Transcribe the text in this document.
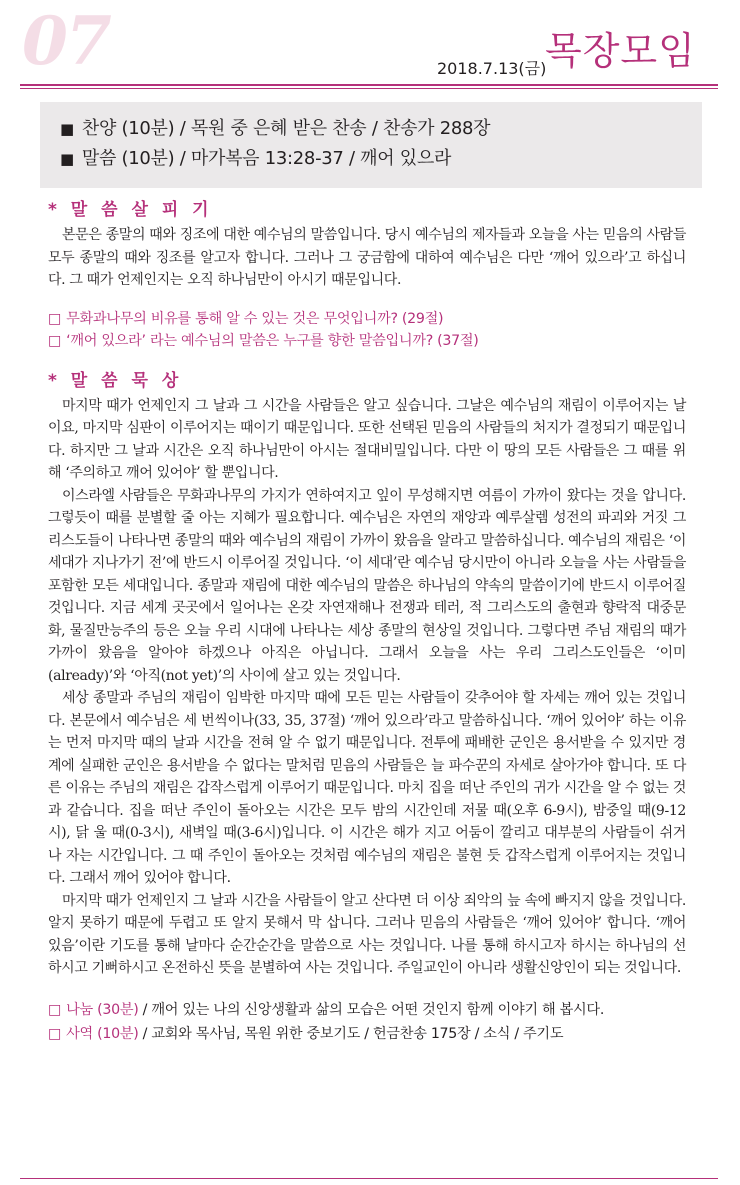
07	2018.7.13(금)
목장모임
■ 찬양 (10분) / 목원 중 은혜 받은 찬송 / 찬송가 288장
■ 말씀 (10분) / 마가복음 13:28-37 / 깨어 있으라
* 말 씀 살 피 기

본문은 종말의 때와 징조에 대한 예수님의 말씀입니다. 당시 예수님의 제자들과 오늘을 사는 믿음의 사람들 모두 종말의 때와 징조를 알고자 합니다. 그러나 그 궁금함에 대하여 예수님은 다만 ‘깨어 있으라’고 하십니다. 그 때가 언제인지는 오직 하나님만이 아시기 때문입니다.

□ 무화과나무의 비유를 통해 알 수 있는 것은 무엇입니까? (29절)
□ ‘깨어 있으라’ 라는 예수님의 말씀은 누구를 향한 말씀입니까? (37절)
* 말 씀 묵 상

마지막 때가 언제인지 그 날과 그 시간을 사람들은 알고 싶습니다. 그날은 예수님의 재림이 이루어지는 날이요, 마지막 심판이 이루어지는 때이기 때문입니다. 또한 선택된 믿음의 사람들의 처지가 결정되기 때문입니다. 하지만 그 날과 시간은 오직 하나님만이 아시는 절대비밀입니다. 다만 이 땅의 모든 사람들은 그 때를 위해 ‘주의하고 깨어 있어야’ 할 뿐입니다.

이스라엘 사람들은 무화과나무의 가지가 연하여지고 잎이 무성해지면 여름이 가까이 왔다는 것을 압니다. 그렇듯이 때를 분별할 줄 아는 지혜가 필요합니다. 예수님은 자연의 재앙과 예루살렘 성전의 파괴와 거짓 그리스도들이 나타나면 종말의 때와 예수님의 재림이 가까이 왔음을 알라고 말씀하십니다. 예수님의 재림은 ‘이 세대가 지나가기 전’에 반드시 이루어질 것입니다. ‘이 세대’란 예수님 당시만이 아니라 오늘을 사는 사람들을 포함한 모든 세대입니다. 종말과 재림에 대한 예수님의 말씀은 하나님의 약속의 말씀이기에 반드시 이루어질 것입니다. 지금 세계 곳곳에서 일어나는 온갖 자연재해나 전쟁과 테러, 적 그리스도의 출현과 향락적 대중문화, 물질만능주의 등은 오늘 우리 시대에 나타나는 세상 종말의 현상일 것입니다. 그렇다면 주님 재림의 때가 가까이 왔음을 알아야 하겠으나 아직은 아닙니다. 그래서 오늘을 사는 우리 그리스도인들은 ‘이미(already)’와 ‘아직(not yet)’의 사이에 살고 있는 것입니다.

세상 종말과 주님의 재림이 임박한 마지막 때에 모든 믿는 사람들이 갖추어야 할 자세는 깨어 있는 것입니다. 본문에서 예수님은 세 번씩이나(33, 35, 37절) ‘깨어 있으라’라고 말씀하십니다. ‘깨어 있어야’ 하는 이유는 먼저 마지막 때의 날과 시간을 전혀 알 수 없기 때문입니다. 전투에 패배한 군인은 용서받을 수 있지만 경계에 실패한 군인은 용서받을 수 없다는 말처럼 믿음의 사람들은 늘 파수꾼의 자세로 살아가야 합니다. 또 다른 이유는 주님의 재림은 갑작스럽게 이루어기 때문입니다. 마치 집을 떠난 주인의 귀가 시간을 알 수 없는 것과 같습니다. 집을 떠난 주인이 돌아오는 시간은 모두 밤의 시간인데 저물 때(오후 6-9시), 밤중일 때(9-12시), 닭 울 때(0-3시), 새벽일 때(3-6시)입니다. 이 시간은 해가 지고 어둠이 깔리고 대부분의 사람들이 쉬거나 자는 시간입니다. 그 때 주인이 돌아오는 것처럼 예수님의 재림은 불현 듯 갑작스럽게 이루어지는 것입니다. 그래서 깨어 있어야 합니다.

마지막 때가 언제인지 그 날과 시간을 사람들이 알고 산다면 더 이상 죄악의 늪 속에 빠지지 않을 것입니다. 알지 못하기 때문에 두렵고 또 알지 못해서 막 삽니다. 그러나 믿음의 사람들은 ‘깨어 있어야’ 합니다. ‘깨어 있음’이란 기도를 통해 날마다 순간순간을 말씀으로 사는 것입니다. 나를 통해 하시고자 하시는 하나님의 선하시고 기뻐하시고 온전하신 뜻을 분별하여 사는 것입니다. 주일교인이 아니라 생활신앙인이 되는 것입니다.

□ 나눔 (30분) / 깨어 있는 나의 신앙생활과 삶의 모습은 어떤 것인지 함께 이야기 해 봅시다.
□ 사역 (10분) / 교회와 목사님, 목원 위한 중보기도 / 헌금찬송 175장 / 소식 / 주기도
